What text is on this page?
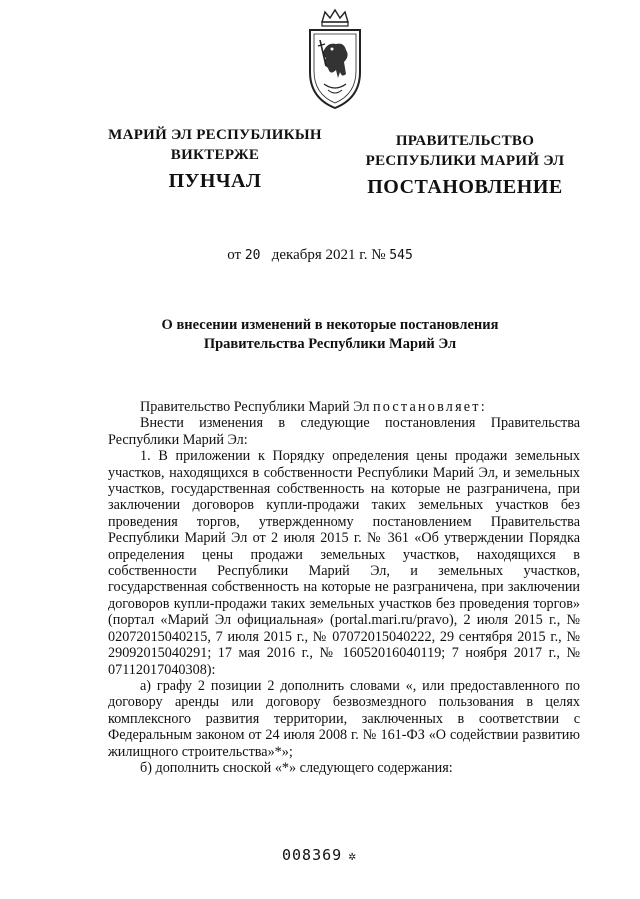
МАРИЙ ЭЛ РЕСПУБЛИКЫН
ВИКТЕРЖЕ
ПУНЧАЛ
ПРАВИТЕЛЬСТВО
РЕСПУБЛИКИ МАРИЙ ЭЛ
ПОСТАНОВЛЕНИЕ
от 20 декабря 2021 г. № 545
О внесении изменений в некоторые постановления
Правительства Республики Марий Эл

Правительство Республики Марий Эл постановляет:

Внести изменения в следующие постановления Правительства Республики Марий Эл:

1. В приложении к Порядку определения цены продажи земельных участков, находящихся в собственности Республики Марий Эл, и земельных участков, государственная собственность на которые не разграничена, при заключении договоров купли-продажи таких земельных участков без проведения торгов, утвержденному постановлением Правительства Республики Марий Эл от 2 июля 2015 г. № 361 «Об утверждении Порядка определения цены продажи земельных участков, находящихся в собственности Республики Марий Эл, и земельных участков, государственная собственность на которые не разграничена, при заключении договоров купли-продажи таких земельных участков без проведения торгов» (портал «Марий Эл официальная» (portal.mari.ru/pravo), 2 июля 2015 г., № 02072015040215, 7 июля 2015 г., № 07072015040222, 29 сентября 2015 г., № 29092015040291; 17 мая 2016 г., № 16052016040119; 7 ноября 2017 г., № 07112017040308):

а) графу 2 позиции 2 дополнить словами «, или предоставленного по договору аренды или договору безвозмездного пользования в целях комплексного развития территории, заключенных в соответствии с Федеральным законом от 24 июля 2008 г. № 161-ФЗ «О содействии развитию жилищного строительства»*»;

б) дополнить сноской «*» следующего содержания:

008369 ✲
